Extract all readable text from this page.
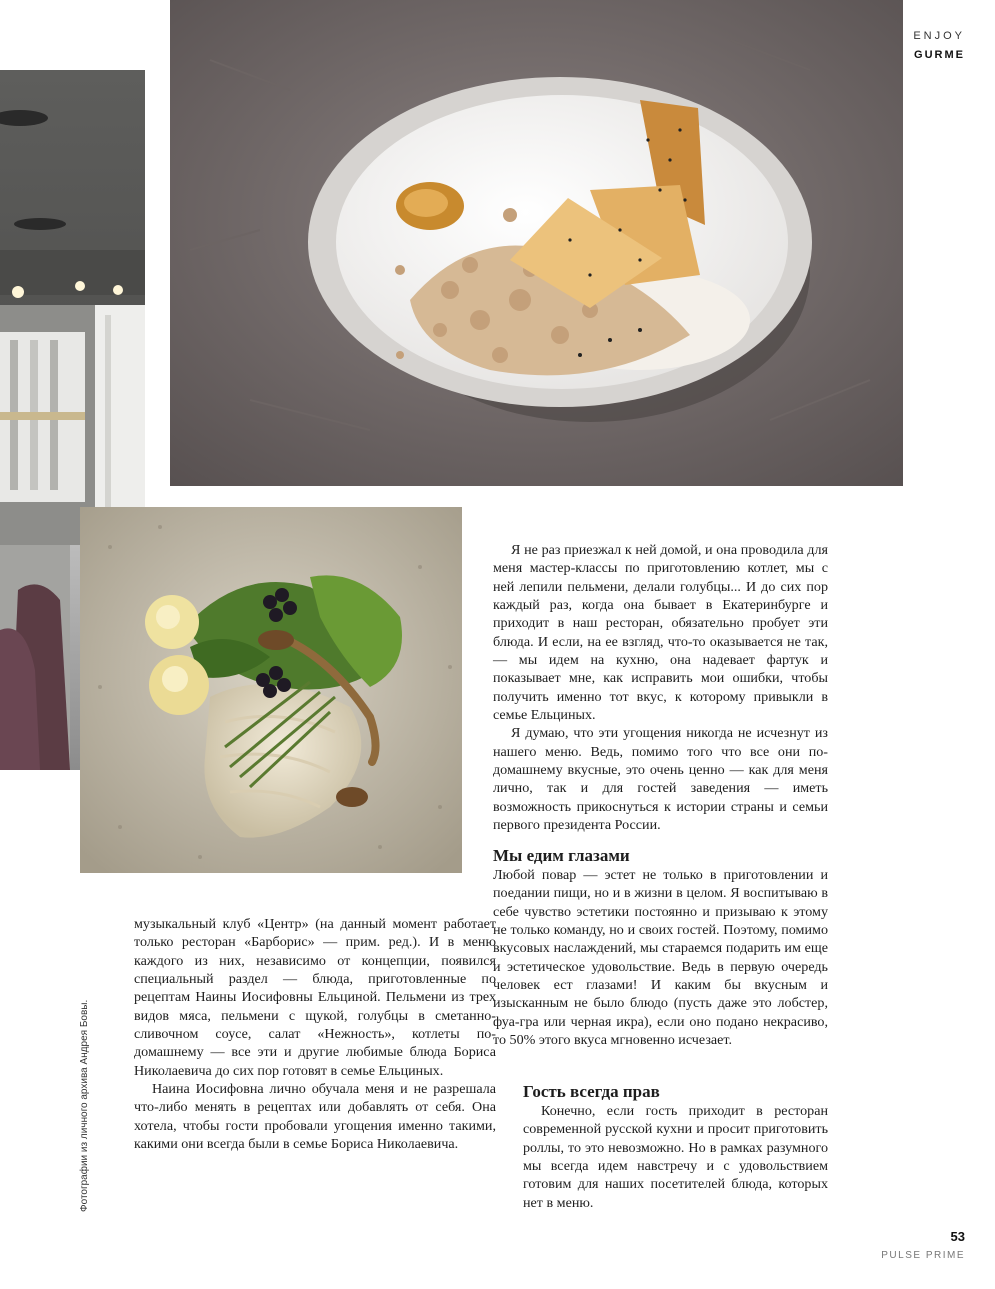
ENJOY
GURME

Я не раз приезжал к ней домой, и она проводила для меня мастер-классы по приготовлению котлет, мы с ней лепили пельмени, делали голубцы... И до сих пор каждый раз, когда она бывает в Екатеринбурге и приходит в наш ресторан, обязательно пробует эти блюда. И если, на ее взгляд, что-то оказывается не так, — мы идем на кухню, она надевает фартук и показывает мне, как исправить мои ошибки, чтобы получить именно тот вкус, к которому привыкли в семье Ельциных.

Я думаю, что эти угощения никогда не исчезнут из нашего меню. Ведь, помимо того что все они по-домашнему вкусные, это очень ценно — как для меня лично, так и для гостей заведения — иметь возможность прикоснуться к истории страны и семьи первого президента России.

Мы едим глазами

Любой повар — эстет не только в приготовлении и поедании пищи, но и в жизни в целом. Я воспитываю в себе чувство эстетики постоянно и призываю к этому не только команду, но и своих гостей. Поэтому, помимо вкусовых наслаждений, мы стараемся подарить им еще и эстетическое удовольствие. Ведь в первую очередь человек ест глазами! И каким бы вкусным и изысканным не было блюдо (пусть даже это лобстер, фуа-гра или черная икра), если оно подано некрасиво, то 50% этого вкуса мгновенно исчезает.

Гость всегда прав

Конечно, если гость приходит в ресторан современной русской кухни и просит приготовить роллы, то это невозможно. Но в рамках разумного мы всегда идем навстречу и с удовольствием готовим для наших посетителей блюда, которых нет в меню.

музыкальный клуб «Центр» (на данный момент работает только ресторан «Барборис» — прим. ред.). И в меню каждого из них, независимо от концепции, появился специальный раздел — блюда, приготовленные по рецептам Наины Иосифовны Ельциной. Пельмени из трех видов мяса, пельмени с щукой, голубцы в сметанно-сливочном соусе, салат «Нежность», котлеты по-домашнему — все эти и другие любимые блюда Бориса Николаевича до сих пор готовят в семье Ельциных.

Наина Иосифовна лично обучала меня и не разрешала что-либо менять в рецептах или добавлять от себя. Она хотела, чтобы гости пробовали угощения именно такими, какими они всегда были в семье Бориса Николаевича.

Фотографии из личного архива Андрея Бовы.
53
PULSE PRIME
